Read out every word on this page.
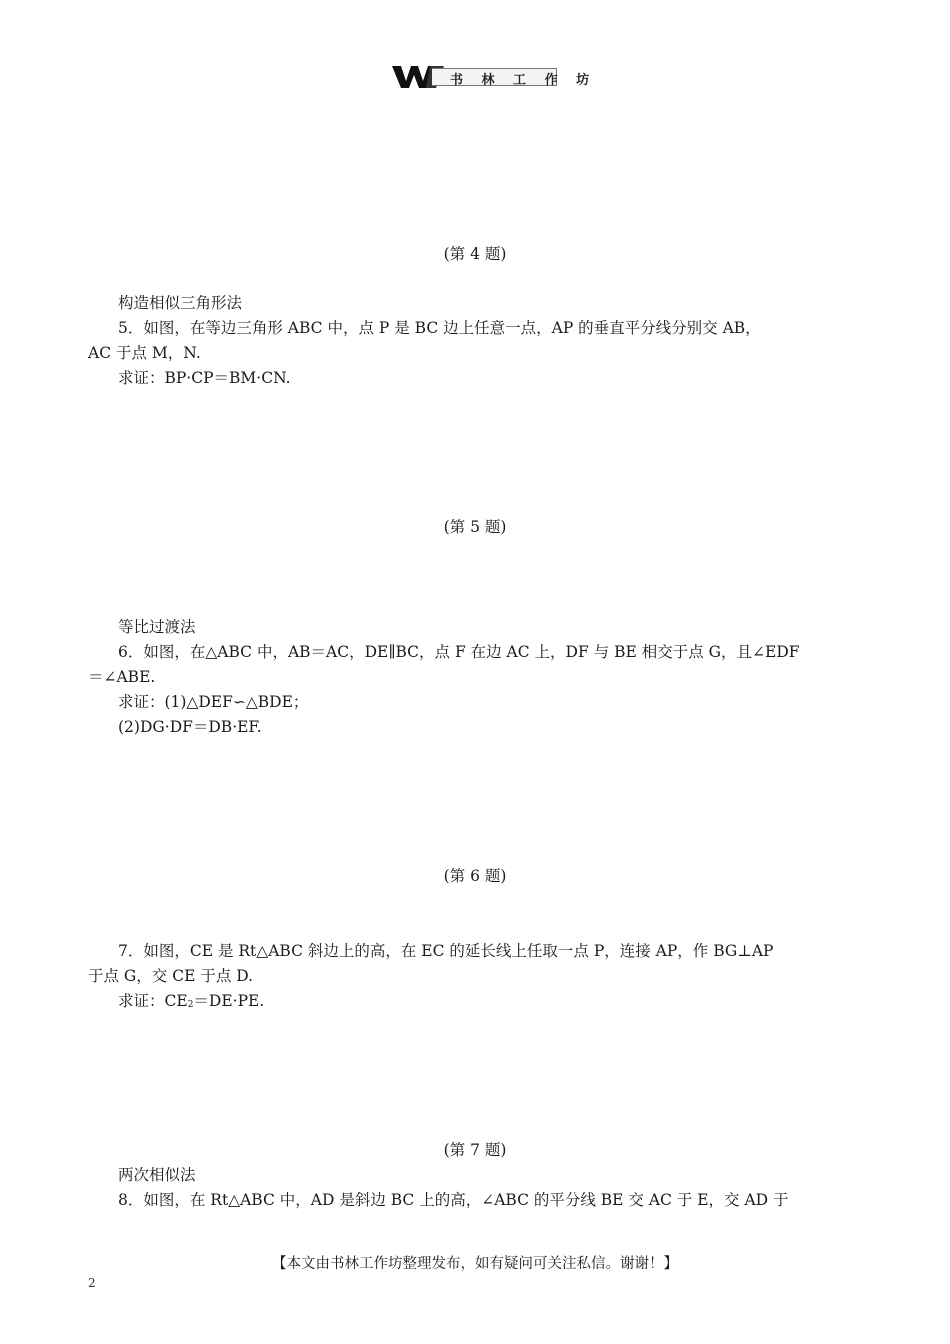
书 林 工 作 坊
(第 4 题)
构造相似三角形法
5．如图，在等边三角形 ABC 中，点 P 是 BC 边上任意一点，AP 的垂直平分线分别交 AB，
AC 于点 M，N.
求证：BP·CP＝BM·CN.
(第 5 题)
等比过渡法
6．如图，在△ABC 中，AB＝AC，DE∥BC，点 F 在边 AC 上，DF 与 BE 相交于点 G，且∠EDF
＝∠ABE.
求证：(1)△DEF∽△BDE；
(2)DG·DF＝DB·EF.
(第 6 题)
7．如图，CE 是 Rt△ABC 斜边上的高，在 EC 的延长线上任取一点 P，连接 AP，作 BG⊥AP
于点 G，交 CE 于点 D.
求证：$CE_2=DE\cdot PE$.
(第 7 题)
两次相似法
8．如图，在 Rt△ABC 中，AD 是斜边 BC 上的高，∠ABC 的平分线 BE 交 AC 于 E，交 AD 于
【本文由书林工作坊整理发布，如有疑问可关注私信。谢谢！】
2
